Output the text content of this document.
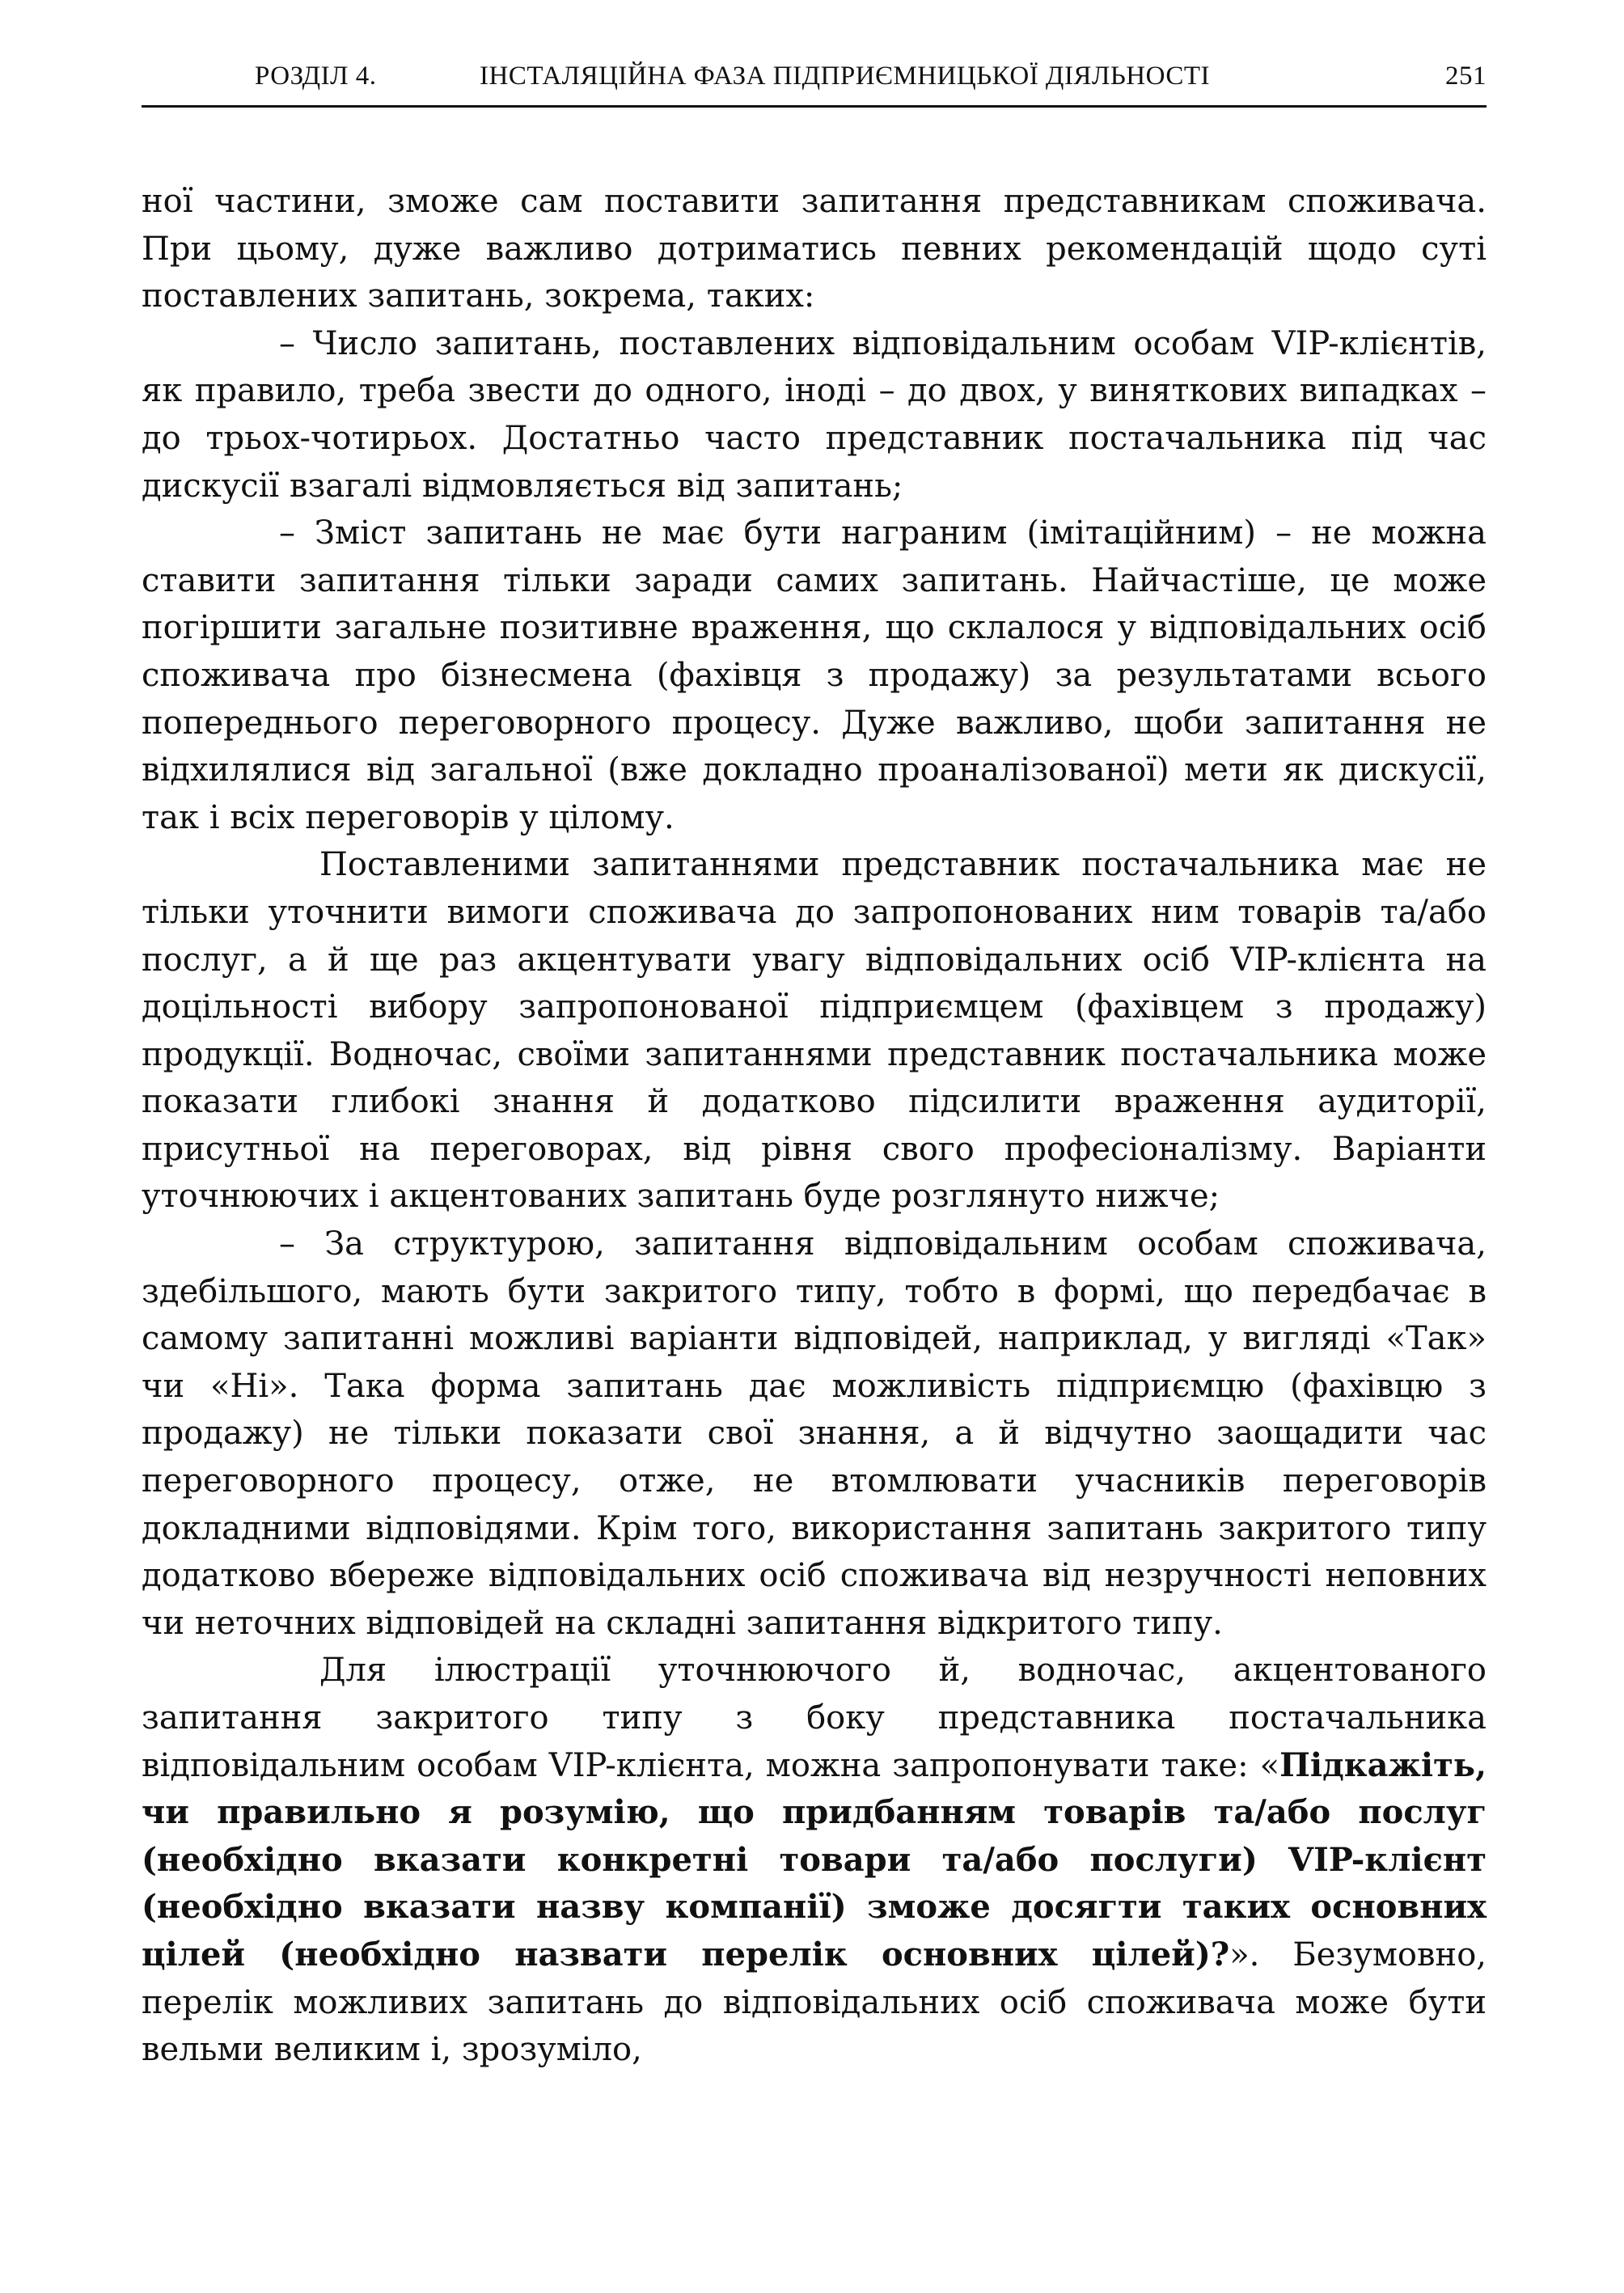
РОЗДІЛ 4.	ІНСТАЛЯЦІЙНА ФАЗА ПІДПРИЄМНИЦЬКОЇ ДІЯЛЬНОСТІ	251

ної частини, зможе сам поставити запитання представникам споживача. При цьому, дуже важливо дотриматись певних рекомендацій щодо суті поставлених запитань, зокрема, таких:

– Число запитань, поставлених відповідальним особам VIP-клієнтів, як правило, треба звести до одного, іноді – до двох, у виняткових випадках – до трьох-чотирьох. Достатньо часто представник постачальника під час дискусії взагалі відмовляється від запитань;

– Зміст запитань не має бути награним (імітаційним) – не можна ставити запитання тільки заради самих запитань. Найчастіше, це може погіршити загальне позитивне враження, що склалося у відповідальних осіб споживача про бізнесмена (фахівця з продажу) за результатами всього попереднього переговорного процесу. Дуже важливо, щоби запитання не відхилялися від загальної (вже докладно проаналізованої) мети як дискусії, так і всіх переговорів у цілому.

Поставленими запитаннями представник постачальника має не тільки уточнити вимоги споживача до запропонованих ним товарів та/або послуг, а й ще раз акцентувати увагу відповідальних осіб VIP-клієнта на доцільності вибору запропонованої підприємцем (фахівцем з продажу) продукції. Водночас, своїми запитаннями представник постачальника може показати глибокі знання й додатково підсилити враження аудиторії, присутньої на переговорах, від рівня свого професіоналізму. Варіанти уточнюючих і акцентованих запитань буде розглянуто нижче;

– За структурою, запитання відповідальним особам споживача, здебільшого, мають бути закритого типу, тобто в формі, що передбачає в самому запитанні можливі варіанти відповідей, наприклад, у вигляді «Так» чи «Ні». Така форма запитань дає можливість підприємцю (фахівцю з продажу) не тільки показати свої знання, а й відчутно заощадити час переговорного процесу, отже, не втомлювати учасників переговорів докладними відповідями. Крім того, використання запитань закритого типу додатково вбереже відповідальних осіб споживача від незручності неповних чи неточних відповідей на складні запитання відкритого типу.

Для ілюстрації уточнюючого й, водночас, акцентованого запитання закритого типу з боку представника постачальника відповідальним особам VIP-клієнта, можна запропонувати таке: «Підкажіть, чи правильно я розумію, що придбанням товарів та/або послуг (необхідно вказати конкретні товари та/або послуги) VIP-клієнт (необхідно вказати назву компанії) зможе досягти таких основних цілей (необхідно назвати перелік основних цілей)?». Безумовно, перелік можливих запитань до відповідальних осіб споживача може бути вельми великим і, зрозуміло,
